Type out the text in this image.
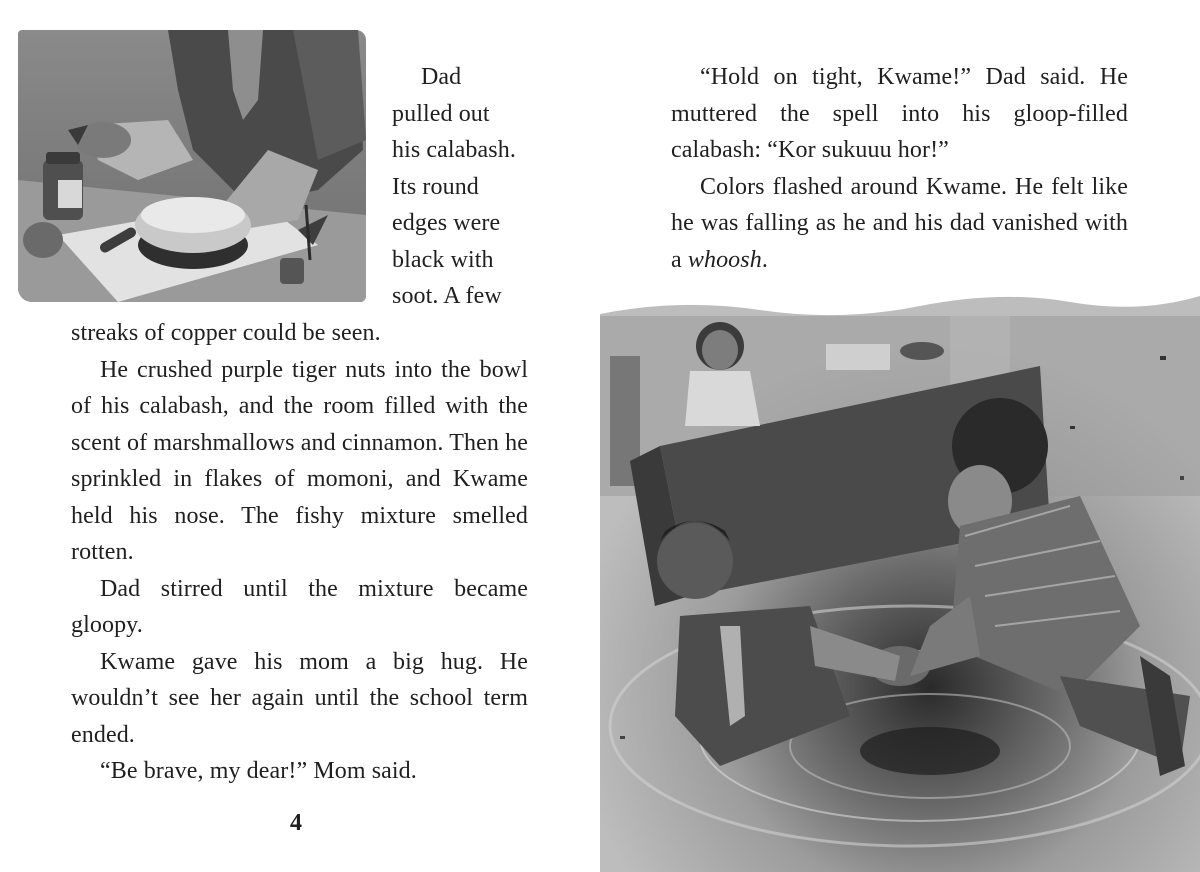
Dad

pulled out

his calabash.

Its round

edges were

black with

soot. A few

streaks of copper could be seen.

He crushed purple tiger nuts into the bowl of his calabash, and the room filled with the scent of marshmallows and cinnamon. Then he sprinkled in flakes of momoni, and Kwame held his nose. The fishy mixture smelled rotten.

Dad stirred until the mixture became gloopy.

Kwame gave his mom a big hug. He wouldn’t see her again until the school term ended.

“Be brave, my dear!” Mom said.

4

“Hold on tight, Kwame!” Dad said. He muttered the spell into his gloop-filled calabash: “Kor sukuuu hor!”

Colors flashed around Kwame. He felt like he was falling as he and his dad vanished with a whoosh.
